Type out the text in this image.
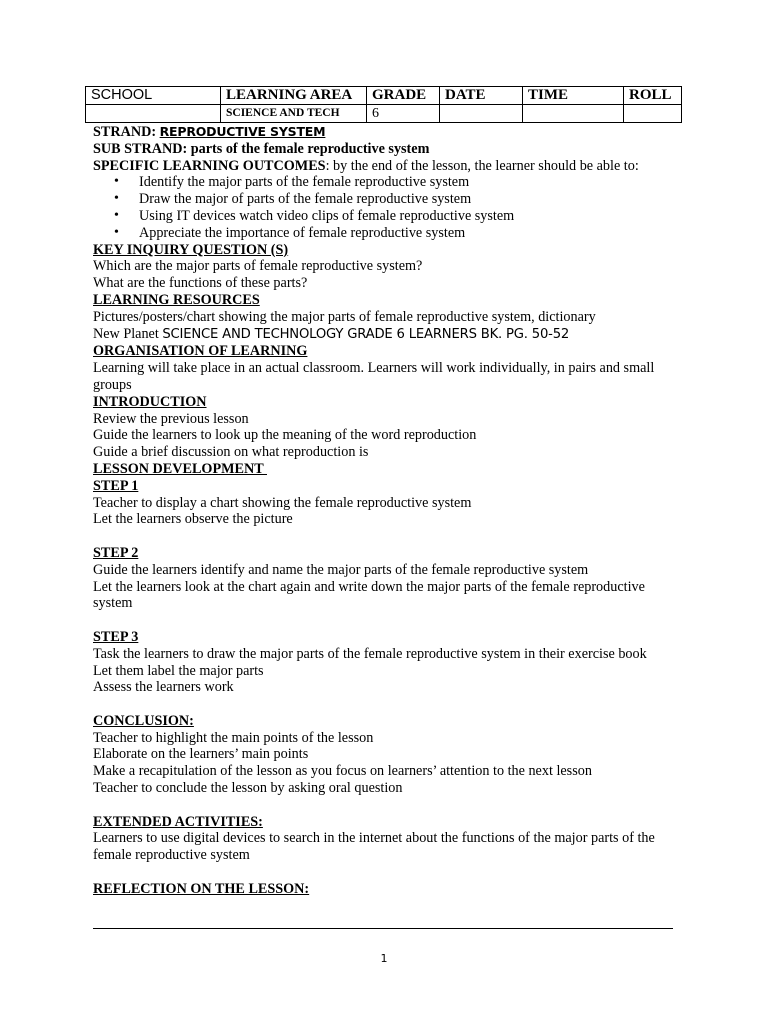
SCHOOL	LEARNING AREA	GRADE	DATE	TIME	ROLL
	SCIENCE AND TECH	6			
STRAND: REPRODUCTIVE SYSTEM
SUB STRAND: parts of the female reproductive system
SPECIFIC LEARNING OUTCOMES: by the end of the lesson, the learner should be able to:
• Identify the major parts of the female reproductive system
• Draw the major of parts of the female reproductive system
• Using IT devices watch video clips of female reproductive system
• Appreciate the importance of female reproductive system
KEY INQUIRY QUESTION (S)
Which are the major parts of female reproductive system?
What are the functions of these parts?
LEARNING RESOURCES
Pictures/posters/chart showing the major parts of female reproductive system, dictionary
New Planet SCIENCE AND TECHNOLOGY GRADE 6 LEARNERS BK. PG. 50-52
ORGANISATION OF LEARNING
Learning will take place in an actual classroom. Learners will work individually, in pairs and small groups
INTRODUCTION
Review the previous lesson
Guide the learners to look up the meaning of the word reproduction
Guide a brief discussion on what reproduction is
LESSON DEVELOPMENT
STEP 1
Teacher to display a chart showing the female reproductive system
Let the learners observe the picture
STEP 2
Guide the learners identify and name the major parts of the female reproductive system
Let the learners look at the chart again and write down the major parts of the female reproductive system
STEP 3
Task the learners to draw the major parts of the female reproductive system in their exercise book
Let them label the major parts
Assess the learners work
CONCLUSION:
Teacher to highlight the main points of the lesson
Elaborate on the learners’ main points
Make a recapitulation of the lesson as you focus on learners’ attention to the next lesson
Teacher to conclude the lesson by asking oral question
EXTENDED ACTIVITIES:
Learners to use digital devices to search in the internet about the functions of the major parts of the female reproductive system
REFLECTION ON THE LESSON:
1
